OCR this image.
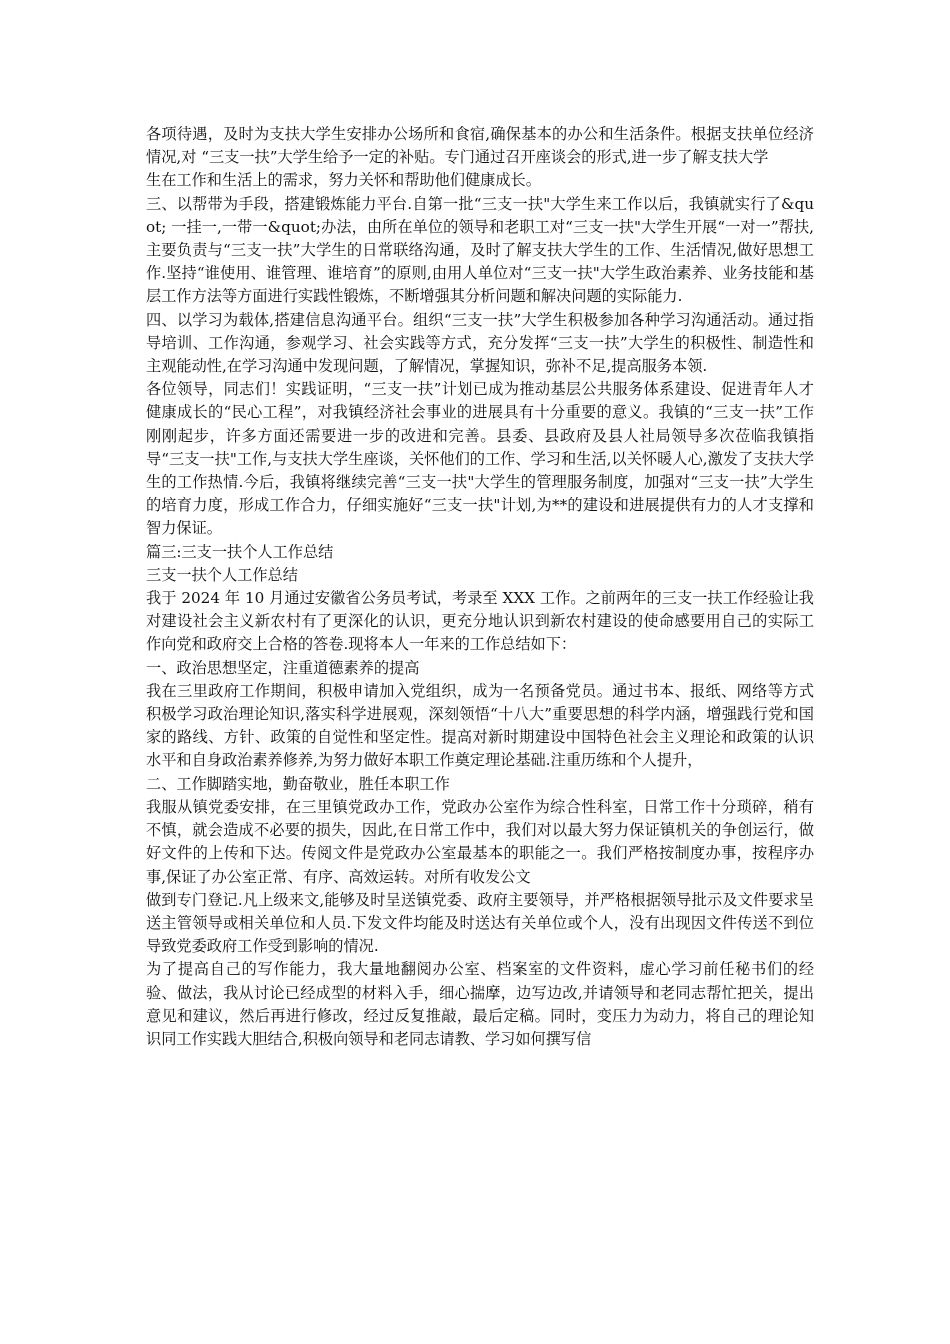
各项待遇，及时为支扶大学生安排办公场所和食宿,确保基本的办公和生活条件。根据支扶单位经济情况,对 “三支一扶”大学生给予一定的补贴。专门通过召开座谈会的形式,进一步了解支扶大学

生在工作和生活上的需求，努力关怀和帮助他们健康成长。

三、以帮带为手段，搭建锻炼能力平台.自第一批“三支一扶"大学生来工作以后，我镇就实行了&quot; 一挂一,一带一&quot;办法，由所在单位的领导和老职工对“三支一扶"大学生开展“一对一”帮扶,主要负责与“三支一扶”大学生的日常联络沟通，及时了解支扶大学生的工作、生活情况,做好思想工作.坚持“谁使用、谁管理、谁培育”的原则,由用人单位对“三支一扶"大学生政治素养、业务技能和基层工作方法等方面进行实践性锻炼，不断增强其分析问题和解决问题的实际能力.

四、以学习为载体,搭建信息沟通平台。组织“三支一扶”大学生积极参加各种学习沟通活动。通过指导培训、工作沟通，参观学习、社会实践等方式，充分发挥“三支一扶”大学生的积极性、制造性和主观能动性,在学习沟通中发现问题，了解情况，掌握知识，弥补不足,提高服务本领.

各位领导，同志们！实践证明，“三支一扶”计划已成为推动基层公共服务体系建设、促进青年人才健康成长的“民心工程”，对我镇经济社会事业的进展具有十分重要的意义。我镇的“三支一扶”工作刚刚起步，许多方面还需要进一步的改进和完善。县委、县政府及县人社局领导多次莅临我镇指导“三支一扶"工作,与支扶大学生座谈，关怀他们的工作、学习和生活,以关怀暖人心,激发了支扶大学生的工作热情.今后，我镇将继续完善“三支一扶"大学生的管理服务制度，加强对“三支一扶”大学生的培育力度，形成工作合力，仔细实施好“三支一扶"计划,为**的建设和进展提供有力的人才支撑和智力保证。

篇三:三支一扶个人工作总结

三支一扶个人工作总结

我于 2024 年 10 月通过安徽省公务员考试，考录至 XXX 工作。之前两年的三支一扶工作经验让我对建设社会主义新农村有了更深化的认识，更充分地认识到新农村建设的使命感要用自己的实际工作向党和政府交上合格的答卷.现将本人一年来的工作总结如下：

一、政治思想坚定，注重道德素养的提高

我在三里政府工作期间，积极申请加入党组织，成为一名预备党员。通过书本、报纸、网络等方式积极学习政治理论知识,落实科学进展观，深刻领悟“十八大”重要思想的科学内涵，增强践行党和国家的路线、方针、政策的自觉性和坚定性。提高对新时期建设中国特色社会主义理论和政策的认识水平和自身政治素养修养,为努力做好本职工作奠定理论基础.注重历练和个人提升，

二、工作脚踏实地，勤奋敬业，胜任本职工作

我服从镇党委安排，在三里镇党政办工作，党政办公室作为综合性科室，日常工作十分琐碎，稍有不慎，就会造成不必要的损失，因此,在日常工作中，我们对以最大努力保证镇机关的争创运行，做好文件的上传和下达。传阅文件是党政办公室最基本的职能之一。我们严格按制度办事，按程序办事,保证了办公室正常、有序、高效运转。对所有收发公文

做到专门登记.凡上级来文,能够及时呈送镇党委、政府主要领导，并严格根据领导批示及文件要求呈送主管领导或相关单位和人员.下发文件均能及时送达有关单位或个人，没有出现因文件传送不到位导致党委政府工作受到影响的情况.

为了提高自己的写作能力，我大量地翻阅办公室、档案室的文件资料，虚心学习前任秘书们的经验、做法，我从讨论已经成型的材料入手，细心揣摩，边写边改,并请领导和老同志帮忙把关，提出意见和建议，然后再进行修改，经过反复推敲，最后定稿。同时，变压力为动力，将自己的理论知识同工作实践大胆结合,积极向领导和老同志请教、学习如何撰写信
